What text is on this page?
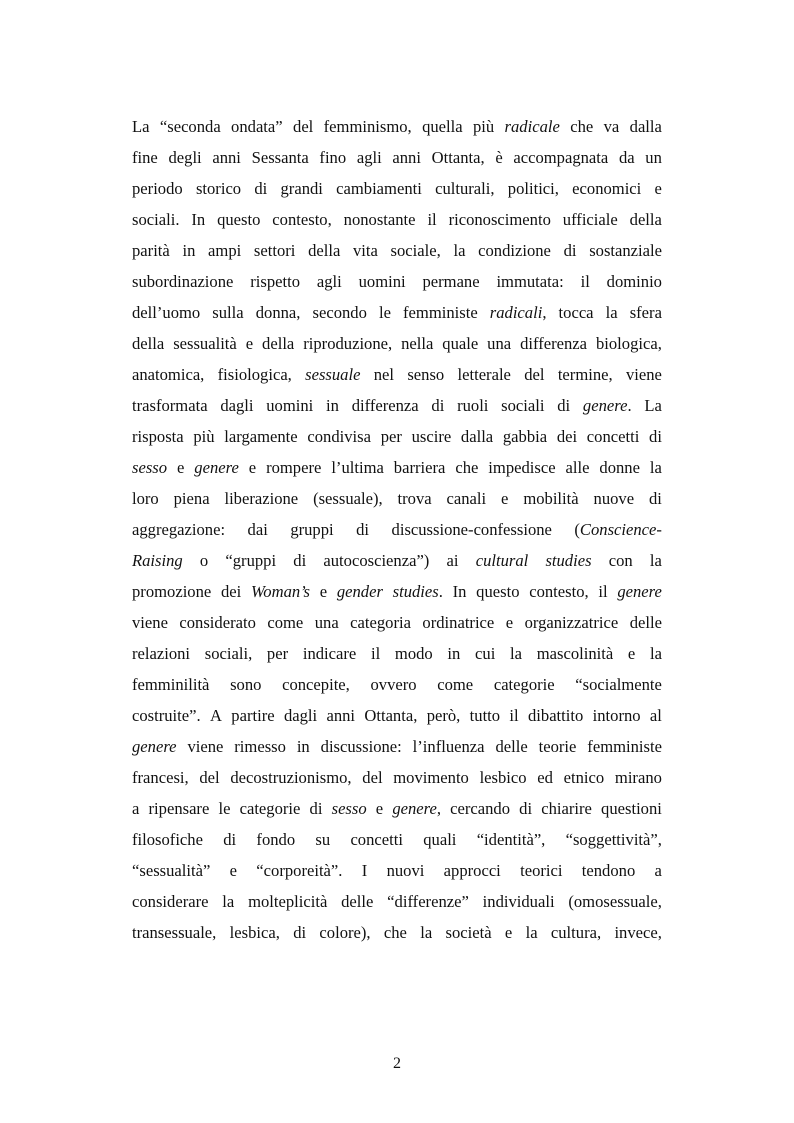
La “seconda ondata” del femminismo, quella più radicale che va dalla
fine degli anni Sessanta fino agli anni Ottanta, è accompagnata da un
periodo storico di grandi cambiamenti culturali, politici, economici e
sociali. In questo contesto, nonostante il riconoscimento ufficiale della
parità in ampi settori della vita sociale, la condizione di sostanziale
subordinazione rispetto agli uomini permane immutata: il dominio
dell’uomo sulla donna, secondo le femministe radicali, tocca la sfera
della sessualità e della riproduzione, nella quale una differenza biologica,
anatomica, fisiologica, sessuale nel senso letterale del termine, viene
trasformata dagli uomini in differenza di ruoli sociali di genere. La
risposta più largamente condivisa per uscire dalla gabbia dei concetti di
sesso e genere e rompere l’ultima barriera che impedisce alle donne la
loro piena liberazione (sessuale), trova canali e mobilità nuove di
aggregazione: dai gruppi di discussione-confessione (Conscience-
Raising o “gruppi di autocoscienza”) ai cultural studies con la
promozione dei Woman’s e gender studies. In questo contesto, il genere
viene considerato come una categoria ordinatrice e organizzatrice delle
relazioni sociali, per indicare il modo in cui la mascolinità e la
femminilità sono concepite, ovvero come categorie “socialmente
costruite”. A partire dagli anni Ottanta, però, tutto il dibattito intorno al
genere viene rimesso in discussione: l’influenza delle teorie femministe
francesi, del decostruzionismo, del movimento lesbico ed etnico mirano
a ripensare le categorie di sesso e genere, cercando di chiarire questioni
filosofiche di fondo su concetti quali “identità”, “soggettività”,
“sessualità” e “corporeità”. I nuovi approcci teorici tendono a
considerare la molteplicità delle “differenze” individuali (omosessuale,
transessuale, lesbica, di colore), che la società e la cultura, invece,
2
